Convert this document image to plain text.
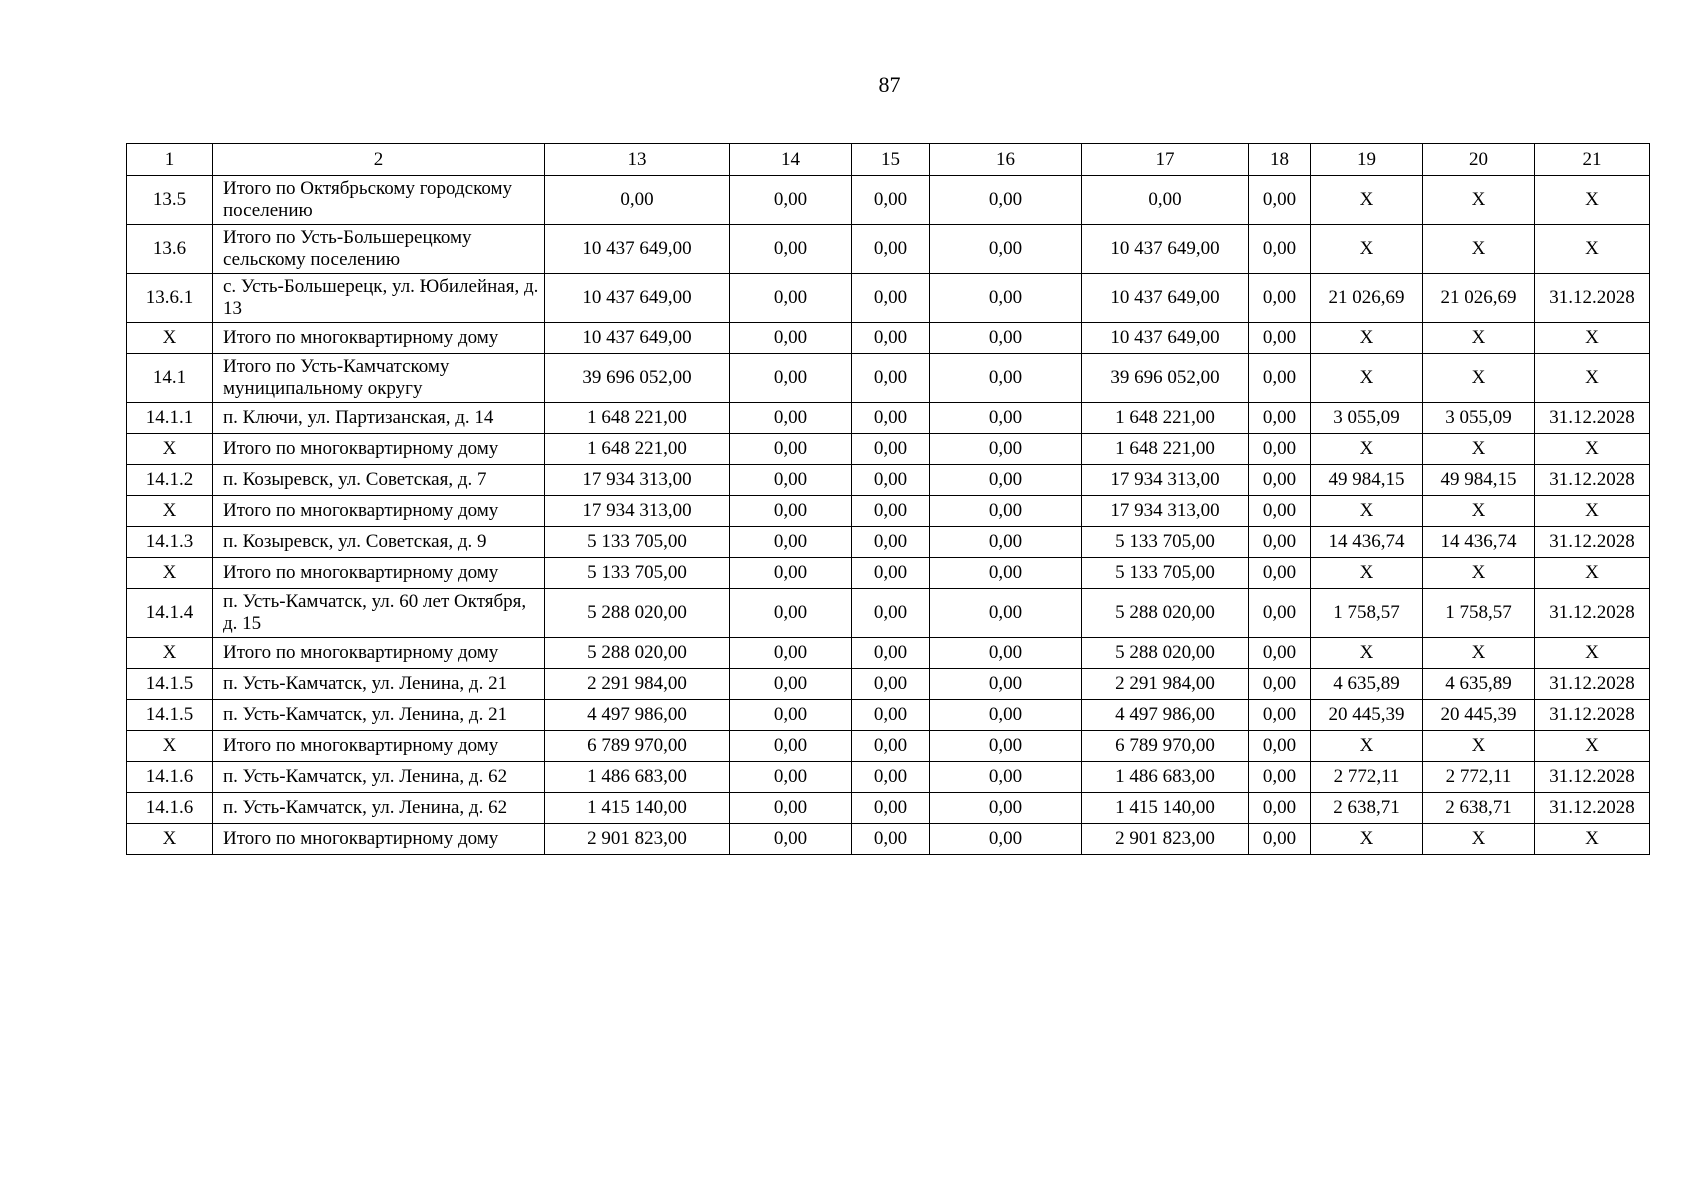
87
1	2	13	14	15	16	17	18	19	20	21
13.5	Итого по Октябрьскому городскому поселению	0,00	0,00	0,00	0,00	0,00	0,00	X	X	X
13.6	Итого по Усть-Большерецкому сельскому поселению	10 437 649,00	0,00	0,00	0,00	10 437 649,00	0,00	X	X	X
13.6.1	с. Усть-Большерецк, ул. Юбилейная, д. 13	10 437 649,00	0,00	0,00	0,00	10 437 649,00	0,00	21 026,69	21 026,69	31.12.2028
X	Итого по многоквартирному дому	10 437 649,00	0,00	0,00	0,00	10 437 649,00	0,00	X	X	X
14.1	Итого по Усть-Камчатскому муниципальному округу	39 696 052,00	0,00	0,00	0,00	39 696 052,00	0,00	X	X	X
14.1.1	п. Ключи, ул. Партизанская, д. 14	1 648 221,00	0,00	0,00	0,00	1 648 221,00	0,00	3 055,09	3 055,09	31.12.2028
X	Итого по многоквартирному дому	1 648 221,00	0,00	0,00	0,00	1 648 221,00	0,00	X	X	X
14.1.2	п. Козыревск, ул. Советская, д. 7	17 934 313,00	0,00	0,00	0,00	17 934 313,00	0,00	49 984,15	49 984,15	31.12.2028
X	Итого по многоквартирному дому	17 934 313,00	0,00	0,00	0,00	17 934 313,00	0,00	X	X	X
14.1.3	п. Козыревск, ул. Советская, д. 9	5 133 705,00	0,00	0,00	0,00	5 133 705,00	0,00	14 436,74	14 436,74	31.12.2028
X	Итого по многоквартирному дому	5 133 705,00	0,00	0,00	0,00	5 133 705,00	0,00	X	X	X
14.1.4	п. Усть-Камчатск, ул. 60 лет Октября, д. 15	5 288 020,00	0,00	0,00	0,00	5 288 020,00	0,00	1 758,57	1 758,57	31.12.2028
X	Итого по многоквартирному дому	5 288 020,00	0,00	0,00	0,00	5 288 020,00	0,00	X	X	X
14.1.5	п. Усть-Камчатск, ул. Ленина, д. 21	2 291 984,00	0,00	0,00	0,00	2 291 984,00	0,00	4 635,89	4 635,89	31.12.2028
14.1.5	п. Усть-Камчатск, ул. Ленина, д. 21	4 497 986,00	0,00	0,00	0,00	4 497 986,00	0,00	20 445,39	20 445,39	31.12.2028
X	Итого по многоквартирному дому	6 789 970,00	0,00	0,00	0,00	6 789 970,00	0,00	X	X	X
14.1.6	п. Усть-Камчатск, ул. Ленина, д. 62	1 486 683,00	0,00	0,00	0,00	1 486 683,00	0,00	2 772,11	2 772,11	31.12.2028
14.1.6	п. Усть-Камчатск, ул. Ленина, д. 62	1 415 140,00	0,00	0,00	0,00	1 415 140,00	0,00	2 638,71	2 638,71	31.12.2028
X	Итого по многоквартирному дому	2 901 823,00	0,00	0,00	0,00	2 901 823,00	0,00	X	X	X
